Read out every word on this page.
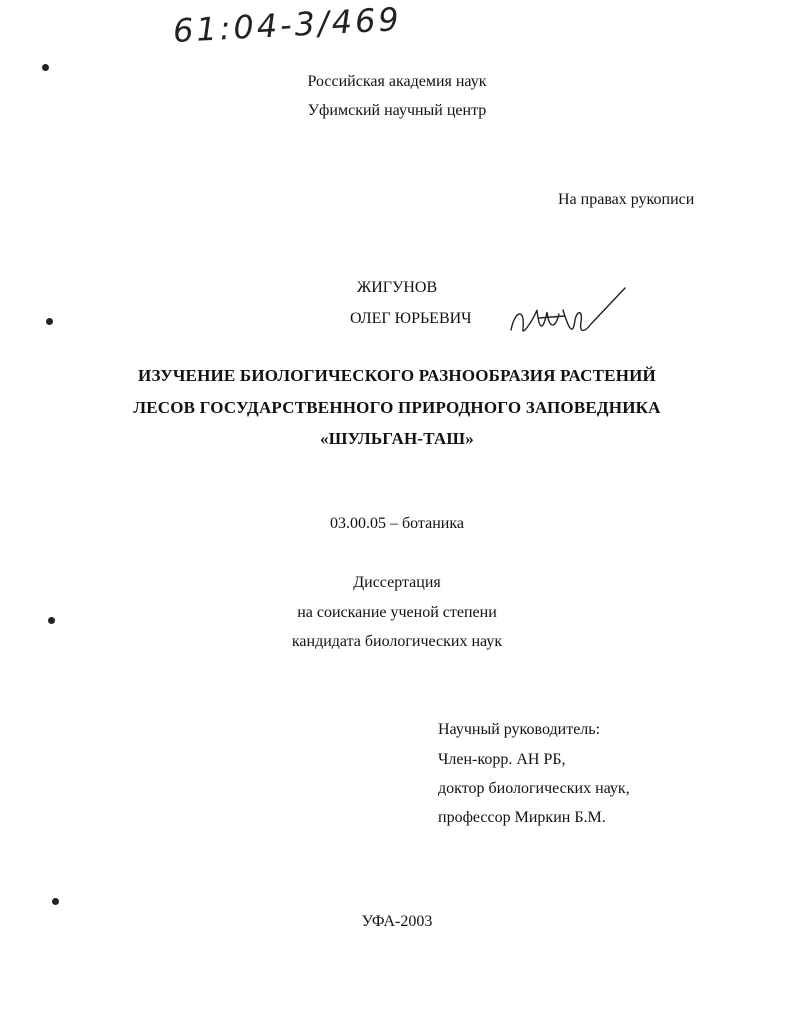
61:04-3/469
Российская академия наук
Уфимский научный центр
На правах рукописи
ЖИГУНОВ
ОЛЕГ ЮРЬЕВИЧ
ИЗУЧЕНИЕ БИОЛОГИЧЕСКОГО РАЗНООБРАЗИЯ РАСТЕНИЙ
ЛЕСОВ ГОСУДАРСТВЕННОГО ПРИРОДНОГО ЗАПОВЕДНИКА
«ШУЛЬГАН-ТАШ»
03.00.05 – ботаника
Диссертация
на соискание ученой степени
кандидата биологических наук
Научный руководитель:
Член-корр. АН РБ,
доктор биологических наук,
профессор Миркин Б.М.
УФА-2003
